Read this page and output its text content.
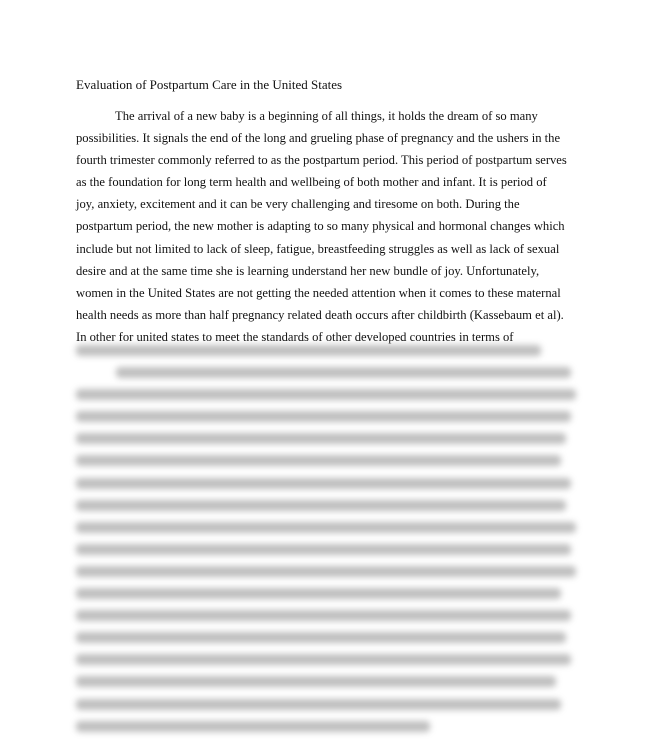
Evaluation of Postpartum Care in the United States
The arrival of a new baby is a beginning of all things, it holds the dream of so many
possibilities. It signals the end of the long and grueling phase of pregnancy and the ushers in the
fourth trimester commonly referred to as the postpartum period. This period of postpartum serves
as the foundation for long term health and wellbeing of both mother and infant. It is period of
joy, anxiety, excitement and it can be very challenging and tiresome on both. During the
postpartum period, the new mother is adapting to so many physical and hormonal changes which
include but not limited to lack of sleep, fatigue, breastfeeding struggles as well as lack of sexual
desire and at the same time she is learning understand her new bundle of joy. Unfortunately,
women in the United States are not getting the needed attention when it comes to these maternal
health needs as more than half pregnancy related death occurs after childbirth (Kassebaum et al).
In other for united states to meet the standards of other developed countries in terms of
